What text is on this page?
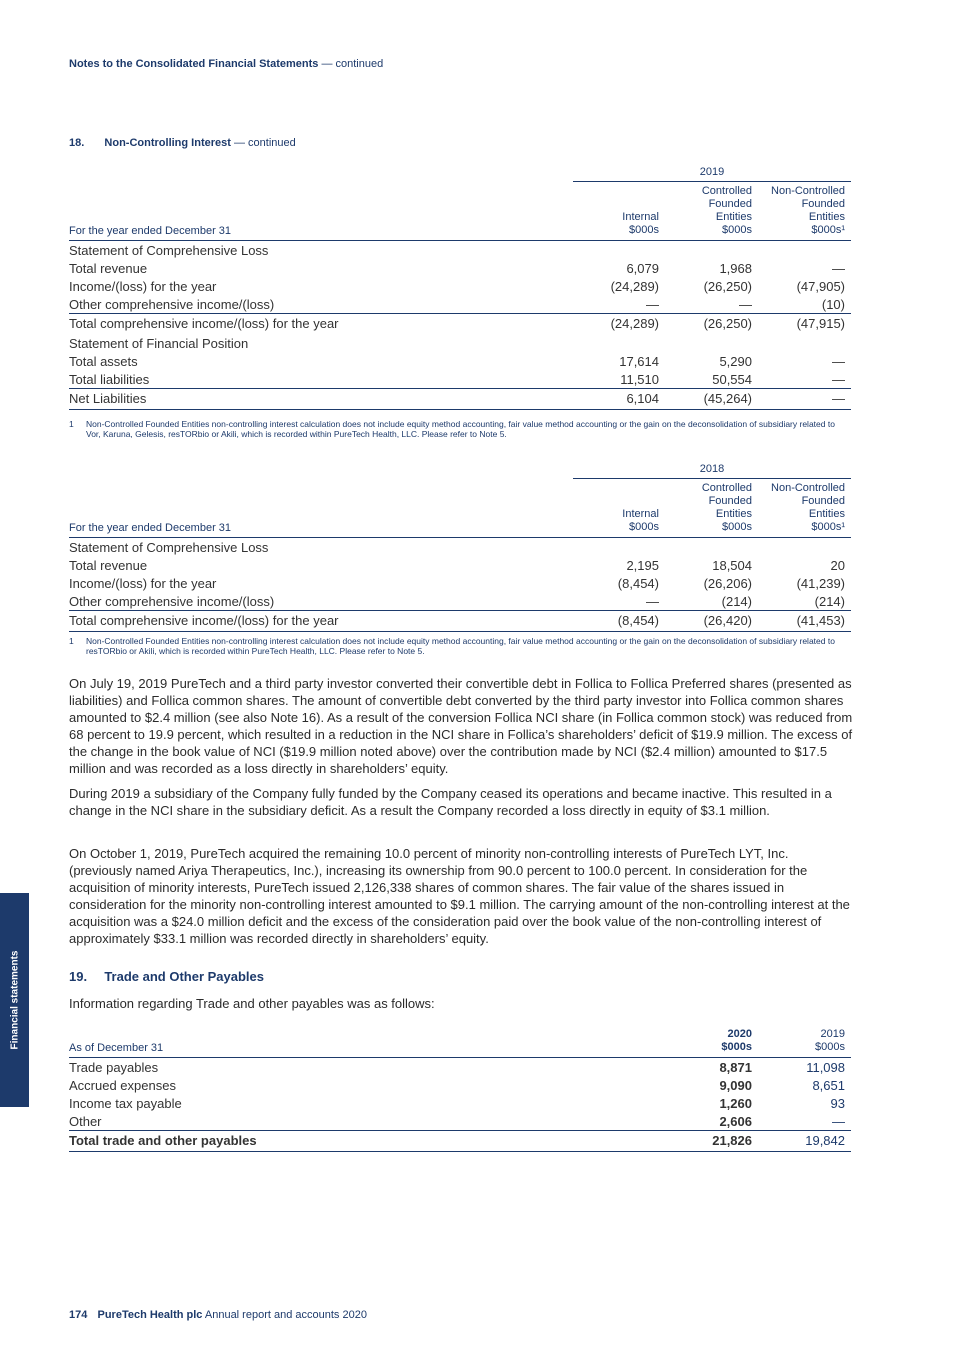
Notes to the Consolidated Financial Statements — continued
18. Non-Controlling Interest — continued
2019
For the year ended December 31
Internal
$000s
Controlled
Founded
Entities
$000s
Non-Controlled
Founded
Entities
$000s¹
Statement of Comprehensive Loss
Total revenue	6,079	1,968	—
Income/(loss) for the year	(24,289)	(26,250)	(47,905)
Other comprehensive income/(loss)	—	—	(10)
Total comprehensive income/(loss) for the year	(24,289)	(26,250)	(47,915)
Statement of Financial Position
Total assets	17,614	5,290	—
Total liabilities	11,510	50,554	—
Net Liabilities	6,104	(45,264)	—
1 Non-Controlled Founded Entities non-controlling interest calculation does not include equity method accounting, fair value method accounting or the gain on the deconsolidation of subsidiary related to Vor, Karuna, Gelesis, resTORbio or Akili, which is recorded within PureTech Health, LLC. Please refer to Note 5.
2018
For the year ended December 31
Internal
$000s
Controlled
Founded
Entities
$000s
Non-Controlled
Founded
Entities
$000s¹
Statement of Comprehensive Loss
Total revenue	2,195	18,504	20
Income/(loss) for the year	(8,454)	(26,206)	(41,239)
Other comprehensive income/(loss)	—	(214)	(214)
Total comprehensive income/(loss) for the year	(8,454)	(26,420)	(41,453)
1 Non-Controlled Founded Entities non-controlling interest calculation does not include equity method accounting, fair value method accounting or the gain on the deconsolidation of subsidiary related to resTORbio or Akili, which is recorded within PureTech Health, LLC. Please refer to Note 5.
On July 19, 2019 PureTech and a third party investor converted their convertible debt in Follica to Follica Preferred shares (presented as liabilities) and Follica common shares. The amount of convertible debt converted by the third party investor into Follica common shares amounted to $2.4 million (see also Note 16). As a result of the conversion Follica NCI share (in Follica common stock) was reduced from 68 percent to 19.9 percent, which resulted in a reduction in the NCI share in Follica’s shareholders’ deficit of $19.9 million. The excess of the change in the book value of NCI ($19.9 million noted above) over the contribution made by NCI ($2.4 million) amounted to $17.5 million and was recorded as a loss directly in shareholders’ equity.
During 2019 a subsidiary of the Company fully funded by the Company ceased its operations and became inactive. This resulted in a change in the NCI share in the subsidiary deficit. As a result the Company recorded a loss directly in equity of $3.1 million.
On October 1, 2019, PureTech acquired the remaining 10.0 percent of minority non-controlling interests of PureTech LYT, Inc. (previously named Ariya Therapeutics, Inc.), increasing its ownership from 90.0 percent to 100.0 percent. In consideration for the acquisition of minority interests, PureTech issued 2,126,338 shares of common shares. The fair value of the shares issued in consideration for the minority non-controlling interest amounted to $9.1 million. The carrying amount of the non-controlling interest at the acquisition was a $24.0 million deficit and the excess of the consideration paid over the book value of the non-controlling interest of approximately $33.1 million was recorded directly in shareholders’ equity.
19. Trade and Other Payables
Information regarding Trade and other payables was as follows:
As of December 31
2020
$000s
2019
$000s
Trade payables	8,871	11,098
Accrued expenses	9,090	8,651
Income tax payable	1,260	93
Other	2,606	—
Total trade and other payables	21,826	19,842
Financial statements
174 PureTech Health plc Annual report and accounts 2020
